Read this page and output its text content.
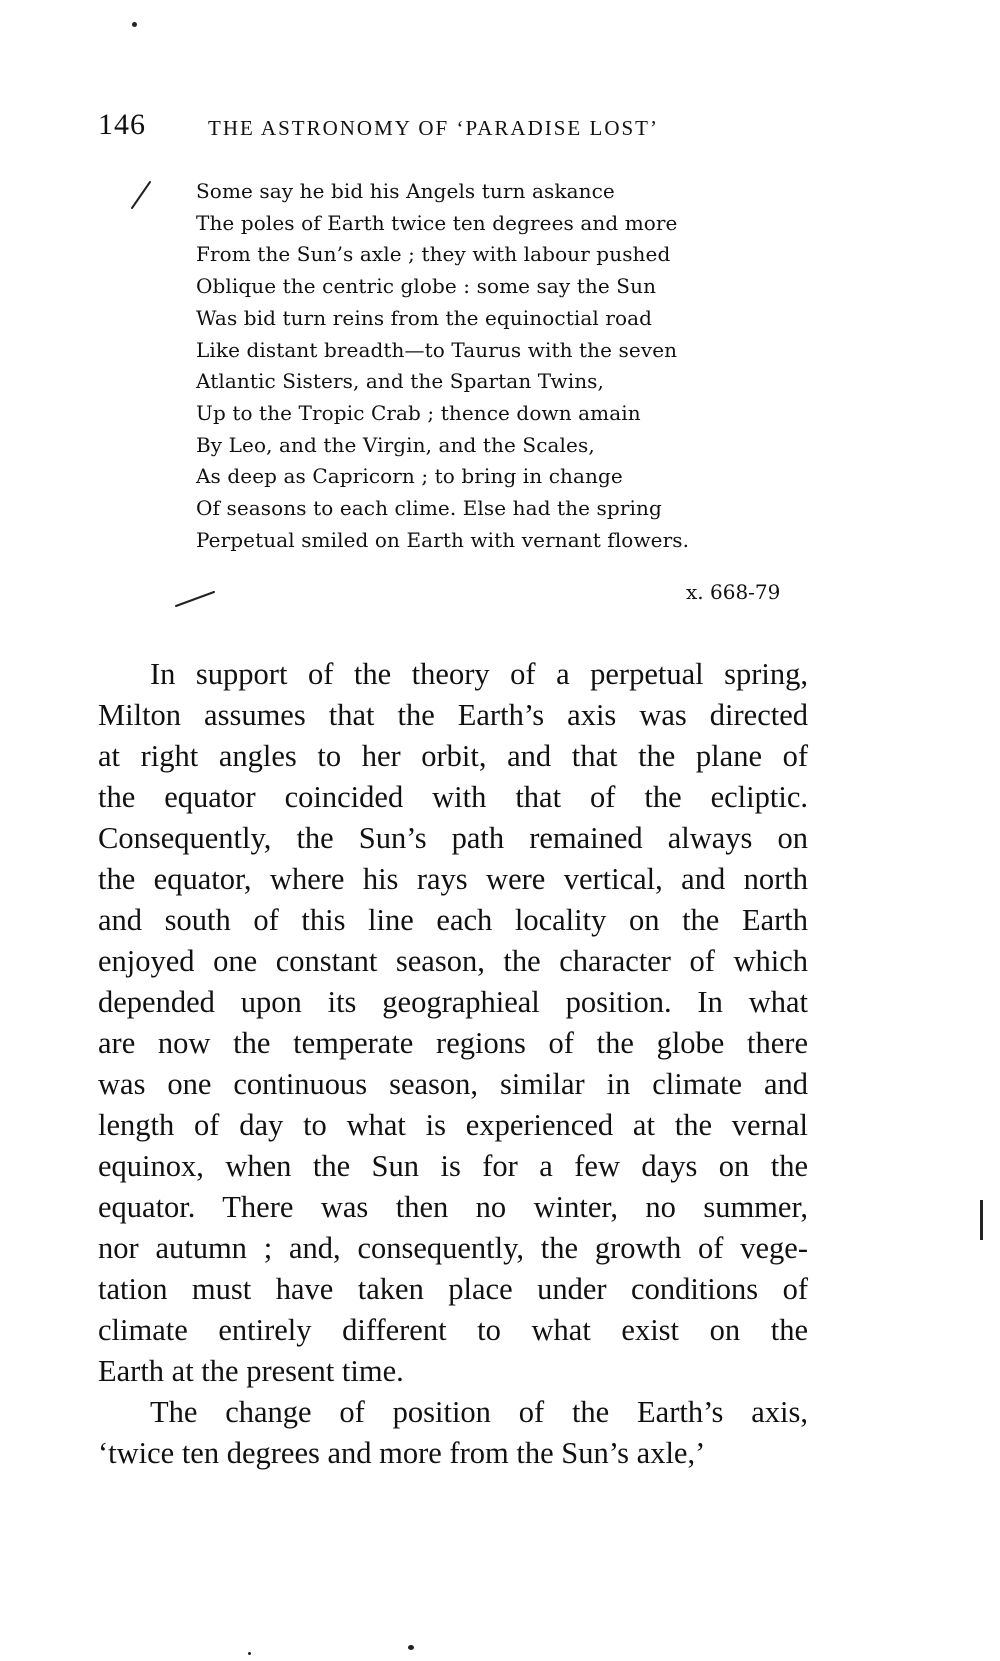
146	THE ASTRONOMY OF ‘PARADISE LOST’
Some say he bid his Angels turn askance
The poles of Earth twice ten degrees and more
From the Sun’s axle ; they with labour pushed
Oblique the centric globe : some say the Sun
Was bid turn reins from the equinoctial road
Like distant breadth—to Taurus with the seven
Atlantic Sisters, and the Spartan Twins,
Up to the Tropic Crab ; thence down amain
By Leo, and the Virgin, and the Scales,
As deep as Capricorn ; to bring in change
Of seasons to each clime. Else had the spring
Perpetual smiled on Earth with vernant flowers.
x. 668-79
In support of the theory of a perpetual spring,
Milton assumes that the Earth’s axis was directed
at right angles to her orbit, and that the plane of
the equator coincided with that of the ecliptic.
Consequently, the Sun’s path remained always on
the equator, where his rays were vertical, and north
and south of this line each locality on the Earth
enjoyed one constant season, the character of which
depended upon its geographieal position. In what
are now the temperate regions of the globe there
was one continuous season, similar in climate and
length of day to what is experienced at the vernal
equinox, when the Sun is for a few days on the
equator. There was then no winter, no summer,
nor autumn ; and, consequently, the growth of vege-
tation must have taken place under conditions of
climate entirely different to what exist on the
Earth at the present time.
The change of position of the Earth’s axis,
‘twice ten degrees and more from the Sun’s axle,’
